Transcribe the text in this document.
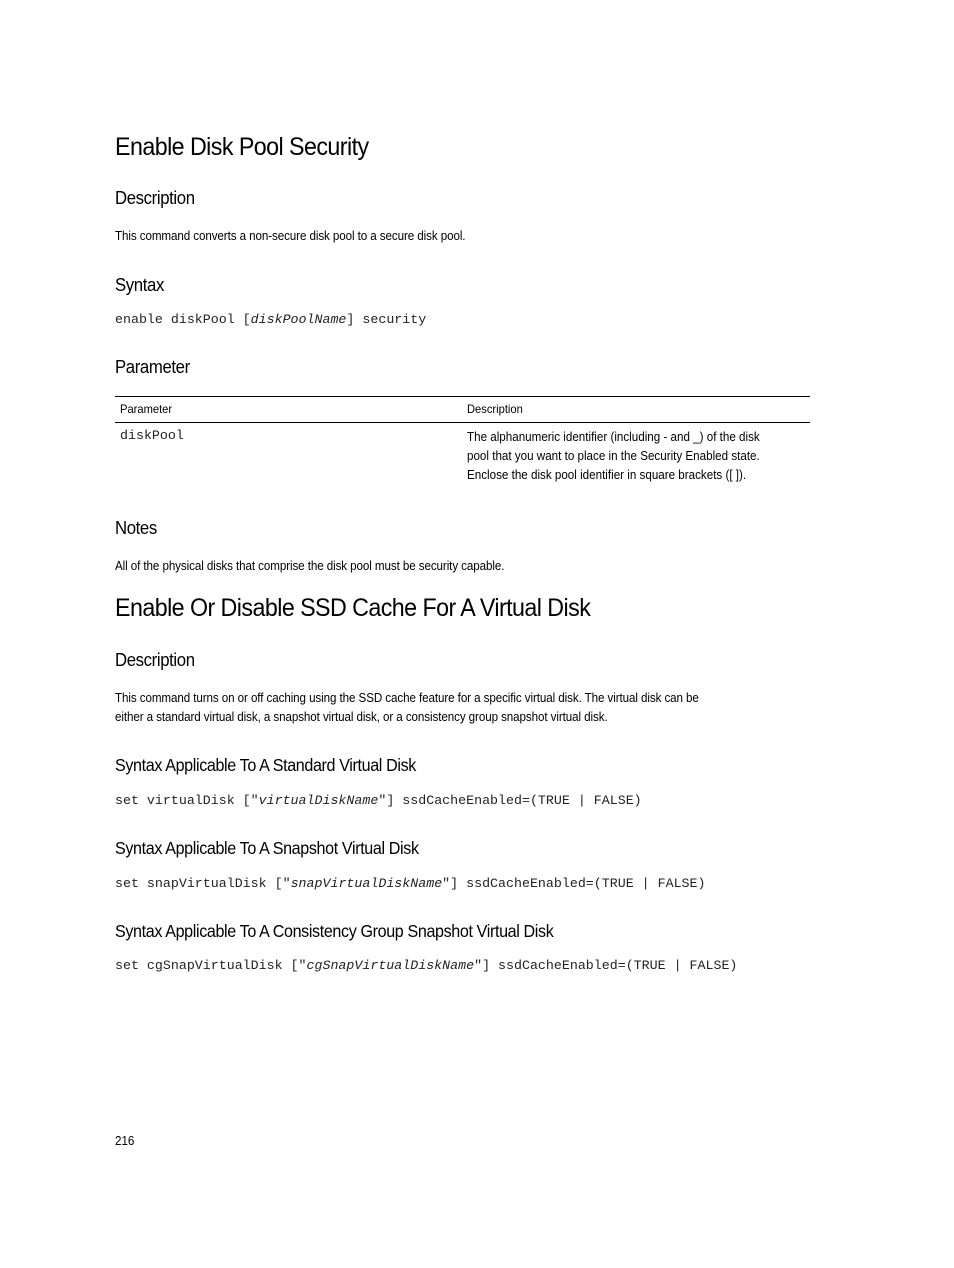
Enable Disk Pool Security
Description

This command converts a non-secure disk pool to a secure disk pool.

Syntax
enable diskPool [diskPoolName] security
Parameter
Parameter	Description
diskPool	The alphanumeric identifier (including - and _) of the disk
pool that you want to place in the Security Enabled state.
Enclose the disk pool identifier in square brackets ([ ]).
Notes

All of the physical disks that comprise the disk pool must be security capable.

Enable Or Disable SSD Cache For A Virtual Disk
Description

This command turns on or off caching using the SSD cache feature for a specific virtual disk. The virtual disk can be

either a standard virtual disk, a snapshot virtual disk, or a consistency group snapshot virtual disk.

Syntax Applicable To A Standard Virtual Disk
set virtualDisk ["virtualDiskName"] ssdCacheEnabled=(TRUE | FALSE)
Syntax Applicable To A Snapshot Virtual Disk
set snapVirtualDisk ["snapVirtualDiskName"] ssdCacheEnabled=(TRUE | FALSE)
Syntax Applicable To A Consistency Group Snapshot Virtual Disk
set cgSnapVirtualDisk ["cgSnapVirtualDiskName"] ssdCacheEnabled=(TRUE | FALSE)
216
